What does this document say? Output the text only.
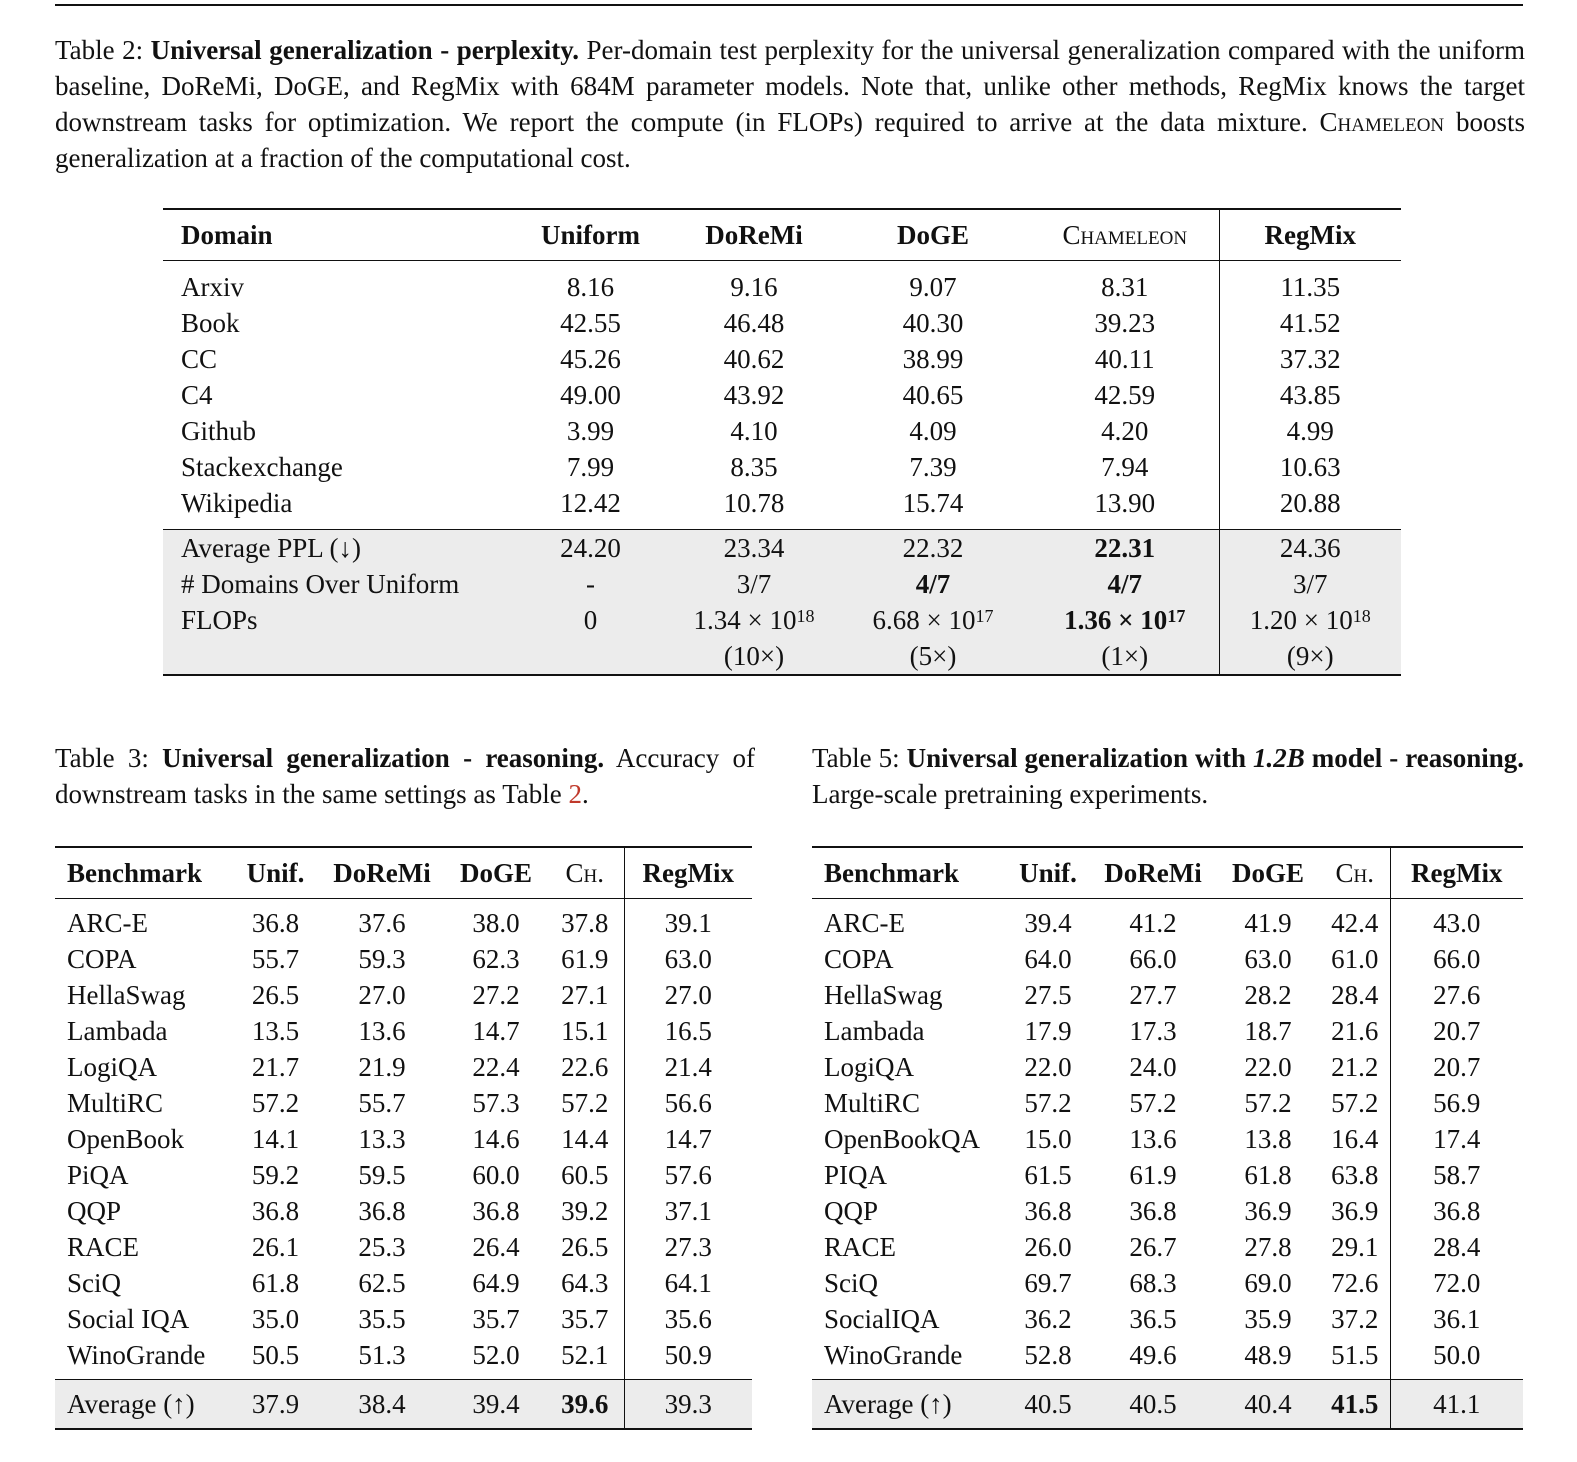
Table 2: Universal generalization - perplexity. Per-domain test perplexity for the universal generalization compared with the uniform baseline, DoReMi, DoGE, and RegMix with 684M parameter models. Note that, unlike other methods, RegMix knows the target downstream tasks for optimization. We report the compute (in FLOPs) required to arrive at the data mixture. Chameleon boosts generalization at a fraction of the computational cost.
Domain	Uniform	DoReMi	DoGE	Chameleon	RegMix

Arxiv	8.16	9.16	9.07	8.31	11.35
Book	42.55	46.48	40.30	39.23	41.52
CC	45.26	40.62	38.99	40.11	37.32
C4	49.00	43.92	40.65	42.59	43.85
Github	3.99	4.10	4.09	4.20	4.99
Stackexchange	7.99	8.35	7.39	7.94	10.63
Wikipedia	12.42	10.78	15.74	13.90	20.88

Average PPL (↓)	24.20	23.34	22.32	22.31	24.36
# Domains Over Uniform	-	3/7	4/7	4/7	3/7
FLOPs	0	$1.34 \times 10^{18}$	$6.68 \times 10^{17}$	$1.36 \times 10^{17}$	$1.20 \times 10^{18}$
		(10×)	(5×)	(1×)	(9×)
Table 3: Universal generalization - reasoning. Accuracy of downstream tasks in the same settings as Table 2.
Table 5: Universal generalization with 1.2B model - reasoning. Large-scale pretraining experiments.
Benchmark	Unif.	DoReMi	DoGE	Ch.	RegMix

ARC-E	36.8	37.6	38.0	37.8	39.1
COPA	55.7	59.3	62.3	61.9	63.0
HellaSwag	26.5	27.0	27.2	27.1	27.0
Lambada	13.5	13.6	14.7	15.1	16.5
LogiQA	21.7	21.9	22.4	22.6	21.4
MultiRC	57.2	55.7	57.3	57.2	56.6
OpenBook	14.1	13.3	14.6	14.4	14.7
PiQA	59.2	59.5	60.0	60.5	57.6
QQP	36.8	36.8	36.8	39.2	37.1
RACE	26.1	25.3	26.4	26.5	27.3
SciQ	61.8	62.5	64.9	64.3	64.1
Social IQA	35.0	35.5	35.7	35.7	35.6
WinoGrande	50.5	51.3	52.0	52.1	50.9

Average (↑)	37.9	38.4	39.4	39.6	39.3
Benchmark	Unif.	DoReMi	DoGE	Ch.	RegMix

ARC-E	39.4	41.2	41.9	42.4	43.0
COPA	64.0	66.0	63.0	61.0	66.0
HellaSwag	27.5	27.7	28.2	28.4	27.6
Lambada	17.9	17.3	18.7	21.6	20.7
LogiQA	22.0	24.0	22.0	21.2	20.7
MultiRC	57.2	57.2	57.2	57.2	56.9
OpenBookQA	15.0	13.6	13.8	16.4	17.4
PIQA	61.5	61.9	61.8	63.8	58.7
QQP	36.8	36.8	36.9	36.9	36.8
RACE	26.0	26.7	27.8	29.1	28.4
SciQ	69.7	68.3	69.0	72.6	72.0
SocialIQA	36.2	36.5	35.9	37.2	36.1
WinoGrande	52.8	49.6	48.9	51.5	50.0

Average (↑)	40.5	40.5	40.4	41.5	41.1
